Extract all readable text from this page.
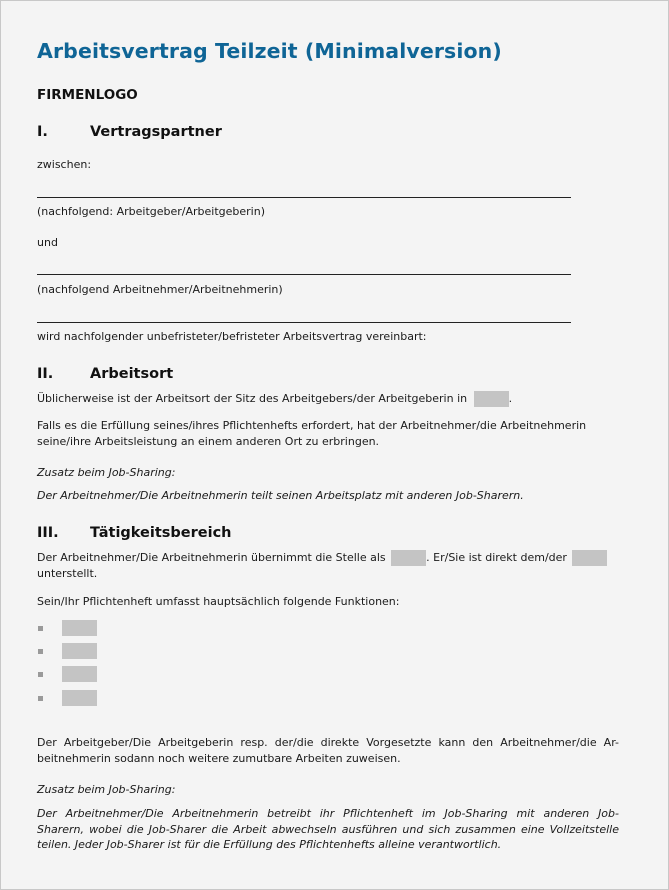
Arbeitsvertrag Teilzeit (Minimalversion)
FIRMENLOGO
I.	Vertragspartner
zwischen:
(nachfolgend: Arbeitgeber/Arbeitgeberin)
und
(nachfolgend Arbeitnehmer/Arbeitnehmerin)
wird nachfolgender unbefristeter/befristeter Arbeitsvertrag vereinbart:
II.	Arbeitsort
Üblicherweise ist der Arbeitsort der Sitz des Arbeitgebers/der Arbeitgeberin in	.
Falls es die Erfüllung seines/ihres Pflichtenhefts erfordert, hat der Arbeitnehmer/die Arbeitnehmerin
seine/ihre Arbeitsleistung an einem anderen Ort zu erbringen.
Zusatz beim Job-Sharing:
Der Arbeitnehmer/Die Arbeitnehmerin teilt seinen Arbeitsplatz mit anderen Job-Sharern.
III. Tätigkeitsbereich
Der Arbeitnehmer/Die Arbeitnehmerin übernimmt die Stelle als	. Er/Sie ist direkt dem/der
unterstellt.
Sein/Ihr Pflichtenheft umfasst hauptsächlich folgende Funktionen:
Der Arbeitgeber/Die Arbeitgeberin resp. der/die direkte Vorgesetzte kann den Arbeitnehmer/die Ar-
beitnehmerin sodann noch weitere zumutbare Arbeiten zuweisen.
Zusatz beim Job-Sharing:
Der Arbeitnehmer/Die Arbeitnehmerin betreibt ihr Pflichtenheft im Job-Sharing mit anderen Job-
Sharern, wobei die Job-Sharer die Arbeit abwechseln ausführen und sich zusammen eine Vollzeitstelle
teilen. Jeder Job-Sharer ist für die Erfüllung des Pflichtenhefts alleine verantwortlich.
